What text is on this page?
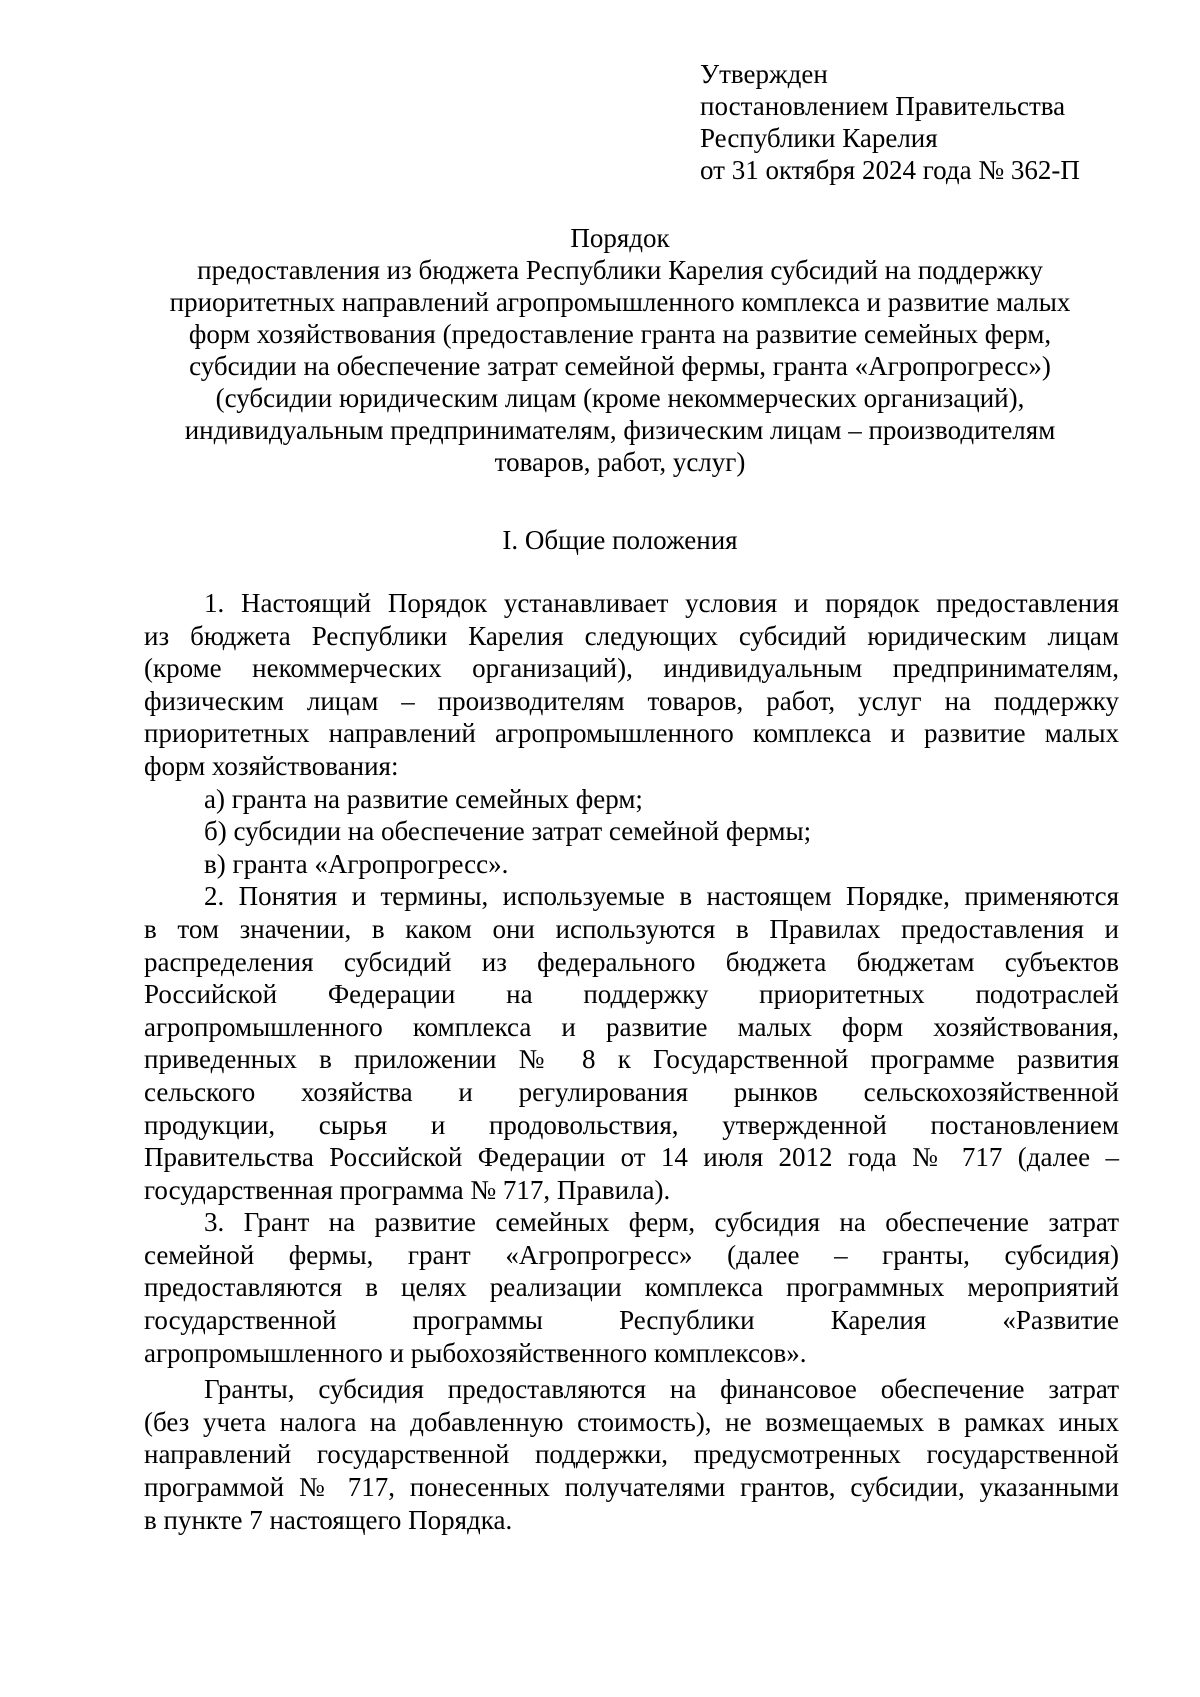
Утвержден
постановлением Правительства
Республики Карелия
от 31 октября 2024 года № 362-П
Порядок
предоставления из бюджета Республики Карелия субсидий на поддержку
приоритетных направлений агропромышленного комплекса и развитие малых
форм хозяйствования (предоставление гранта на развитие семейных ферм,
субсидии на обеспечение затрат семейной фермы, гранта «Агропрогресс»)
(субсидии юридическим лицам (кроме некоммерческих организаций),
индивидуальным предпринимателям, физическим лицам – производителям
товаров, работ, услуг)
I. Общие положения
1. Настоящий Порядок устанавливает условия и порядок предоставления
из бюджета Республики Карелия следующих субсидий юридическим лицам
(кроме некоммерческих организаций), индивидуальным предпринимателям,
физическим лицам – производителям товаров, работ, услуг на поддержку
приоритетных направлений агропромышленного комплекса и развитие малых
форм хозяйствования:
а) гранта на развитие семейных ферм;
б) субсидии на обеспечение затрат семейной фермы;
в) гранта «Агропрогресс».
2. Понятия и термины, используемые в настоящем Порядке, применяются
в том значении, в каком они используются в Правилах предоставления и
распределения субсидий из федерального бюджета бюджетам субъектов
Российской Федерации на поддержку приоритетных подотраслей
агропромышленного комплекса и развитие малых форм хозяйствования,
приведенных в приложении № 8 к Государственной программе развития
сельского хозяйства и регулирования рынков сельскохозяйственной
продукции, сырья и продовольствия, утвержденной постановлением
Правительства Российской Федерации от 14 июля 2012 года № 717 (далее –
государственная программа № 717, Правила).
3. Грант на развитие семейных ферм, субсидия на обеспечение затрат
семейной фермы, грант «Агропрогресс» (далее – гранты, субсидия)
предоставляются в целях реализации комплекса программных мероприятий
государственной программы Республики Карелия «Развитие
агропромышленного и рыбохозяйственного комплексов».
Гранты, субсидия предоставляются на финансовое обеспечение затрат
(без учета налога на добавленную стоимость), не возмещаемых в рамках иных
направлений государственной поддержки, предусмотренных государственной
программой № 717, понесенных получателями грантов, субсидии, указанными
в пункте 7 настоящего Порядка.
